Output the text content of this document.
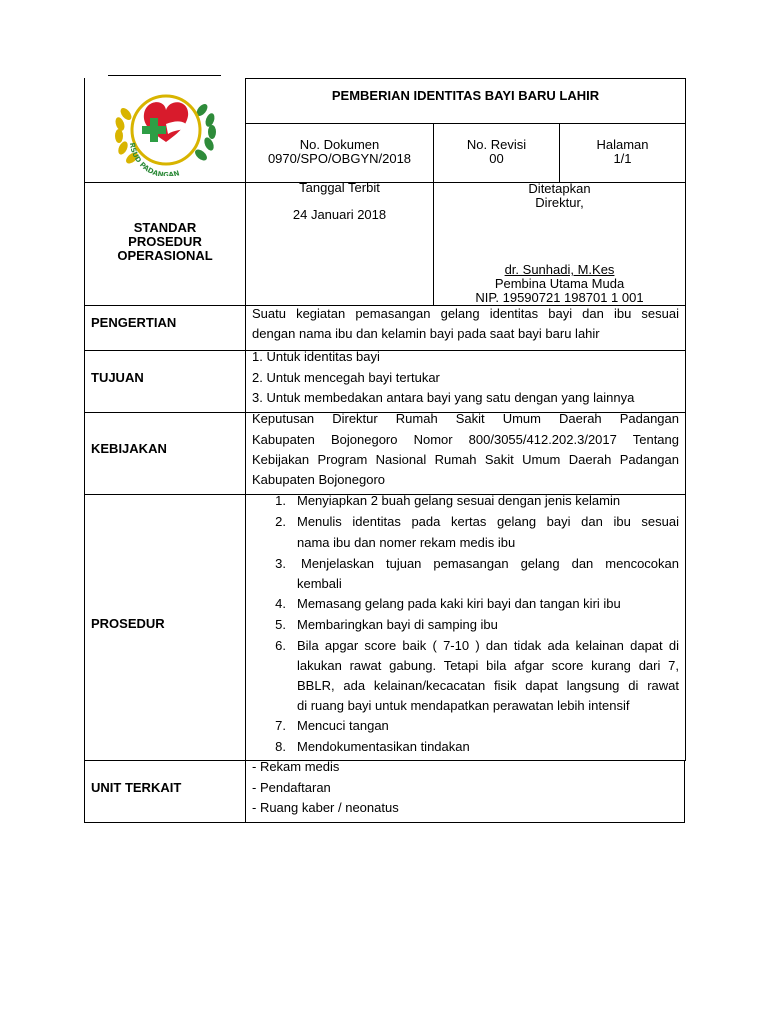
RSUD PADANGAN
PEMBERIAN IDENTITAS BAYI BARU LAHIR
No. Dokumen
0970/SPO/OBGYN/2018
No. Revisi
00
Halaman
1/1
STANDAR
PROSEDUR
OPERASIONAL
Tanggal Terbit
24 Januari 2018
Ditetapkan
Direktur,
dr. Sunhadi, M.Kes
Pembina Utama Muda
NIP. 19590721 198701 1 001
PENGERTIAN
Suatu kegiatan pemasangan gelang identitas bayi dan ibu sesuai
dengan nama ibu dan kelamin bayi pada saat bayi baru lahir
TUJUAN
1. Untuk identitas bayi
2. Untuk mencegah bayi tertukar
3. Untuk membedakan antara bayi yang satu dengan yang lainnya
KEBIJAKAN
Keputusan Direktur Rumah Sakit Umum Daerah Padangan
Kabupaten Bojonegoro Nomor 800/3055/412.202.3/2017 Tentang
Kebijakan Program Nasional Rumah Sakit Umum Daerah Padangan
Kabupaten Bojonegoro
PROSEDUR
1. Menyiapkan 2 buah gelang sesuai dengan jenis kelamin
2. Menulis identitas pada kertas gelang bayi dan ibu sesuai
nama ibu dan nomer rekam medis ibu
3. Menjelaskan tujuan pemasangan gelang dan mencocokan
kembali
4. Memasang gelang pada kaki kiri bayi dan tangan kiri ibu
5. Membaringkan bayi di samping ibu
6. Bila apgar score baik ( 7-10 ) dan tidak ada kelainan dapat di
lakukan rawat gabung. Tetapi bila afgar score kurang dari 7,
BBLR, ada kelainan/kecacatan fisik dapat langsung di rawat
di ruang bayi untuk mendapatkan perawatan lebih intensif
7. Mencuci tangan
8. Mendokumentasikan tindakan
UNIT TERKAIT
- Rekam medis
- Pendaftaran
- Ruang kaber / neonatus
